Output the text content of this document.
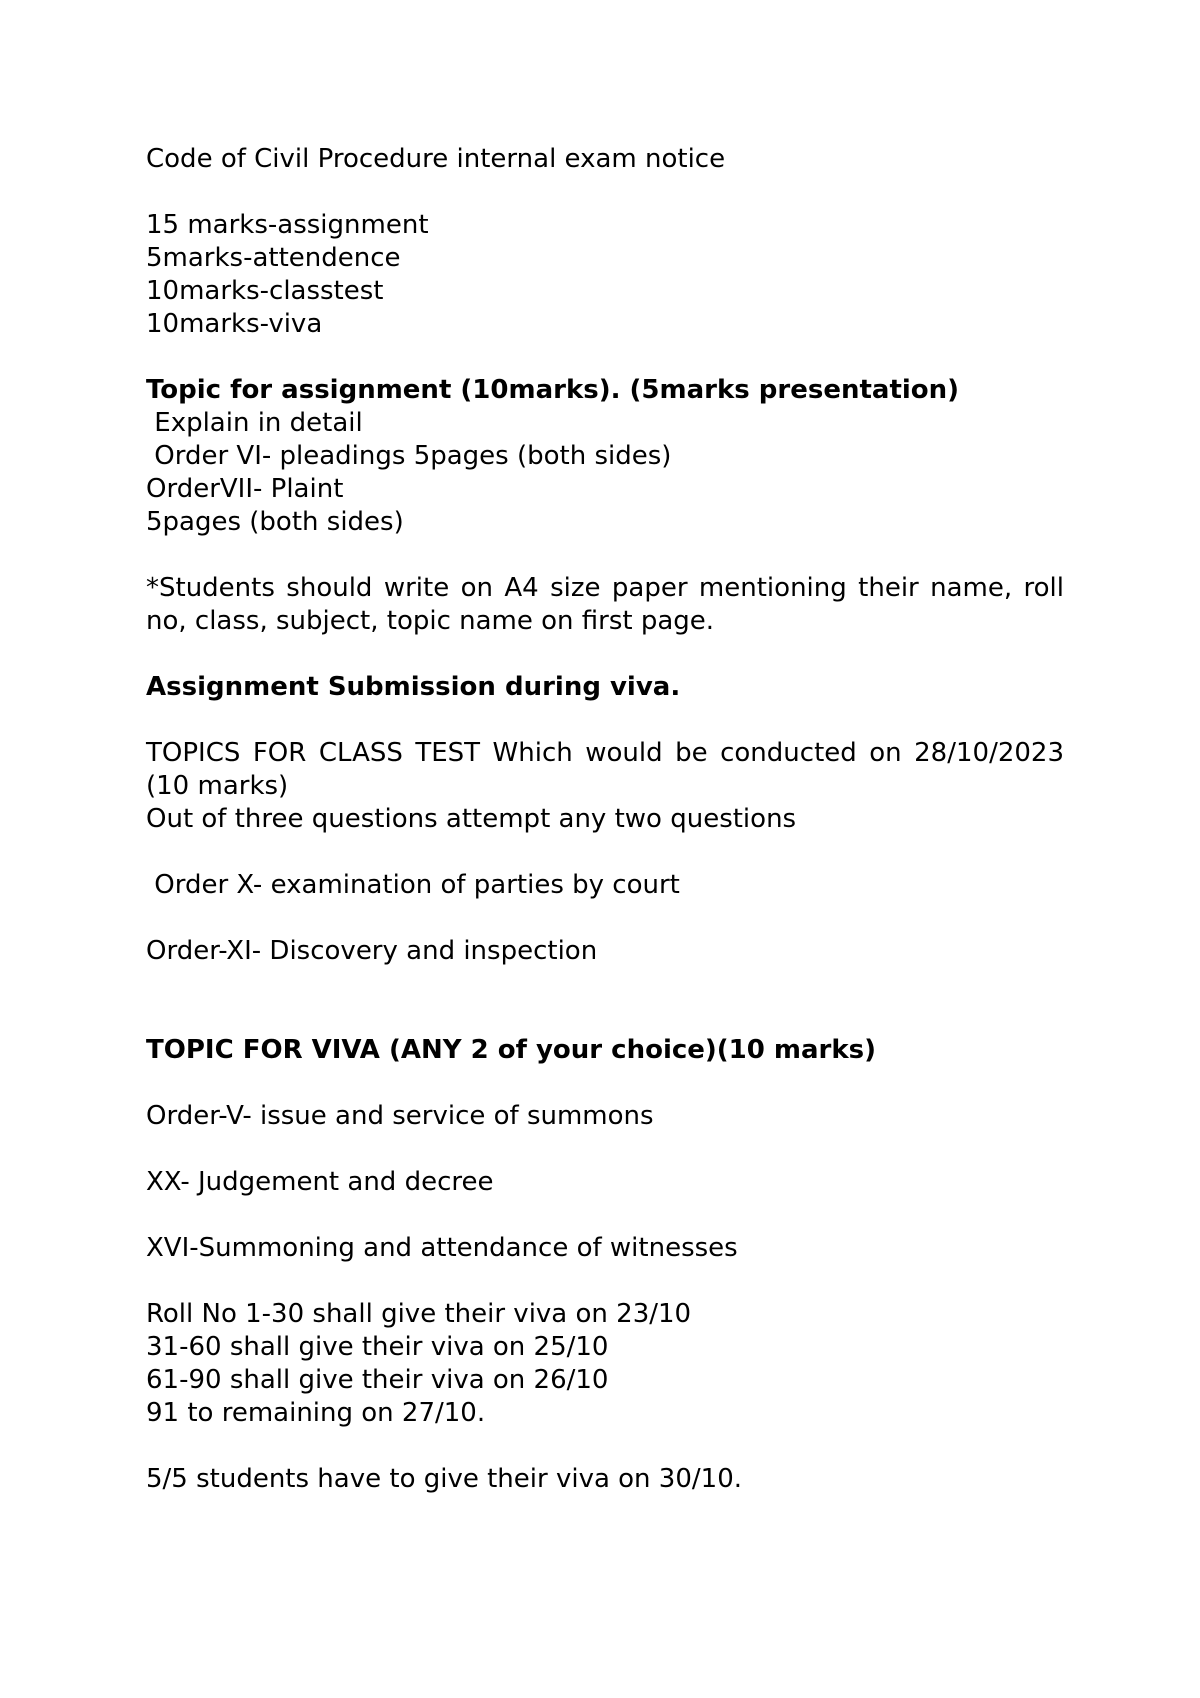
Code of Civil Procedure internal exam notice
15 marks-assignment
5marks-attendence
10marks-classtest
10marks-viva
Topic for assignment (10marks). (5marks presentation)
Explain in detail
Order VI- pleadings 5pages (both sides)
OrderVII- Plaint
5pages (both sides)
*Students should write on A4 size paper mentioning their name, roll no, class, subject, topic name on first page.
Assignment Submission during viva.
TOPICS FOR CLASS TEST Which would be conducted on 28/10/2023 (10 marks)
Out of three questions attempt any two questions
Order X- examination of parties by court
Order-XI- Discovery and inspection
TOPIC FOR VIVA (ANY 2 of your choice)(10 marks)
Order-V- issue and service of summons
XX- Judgement and decree
XVI-Summoning and attendance of witnesses
Roll No 1-30 shall give their viva on 23/10
31-60 shall give their viva on 25/10
61-90 shall give their viva on 26/10
91 to remaining on 27/10.
5/5 students have to give their viva on 30/10.
